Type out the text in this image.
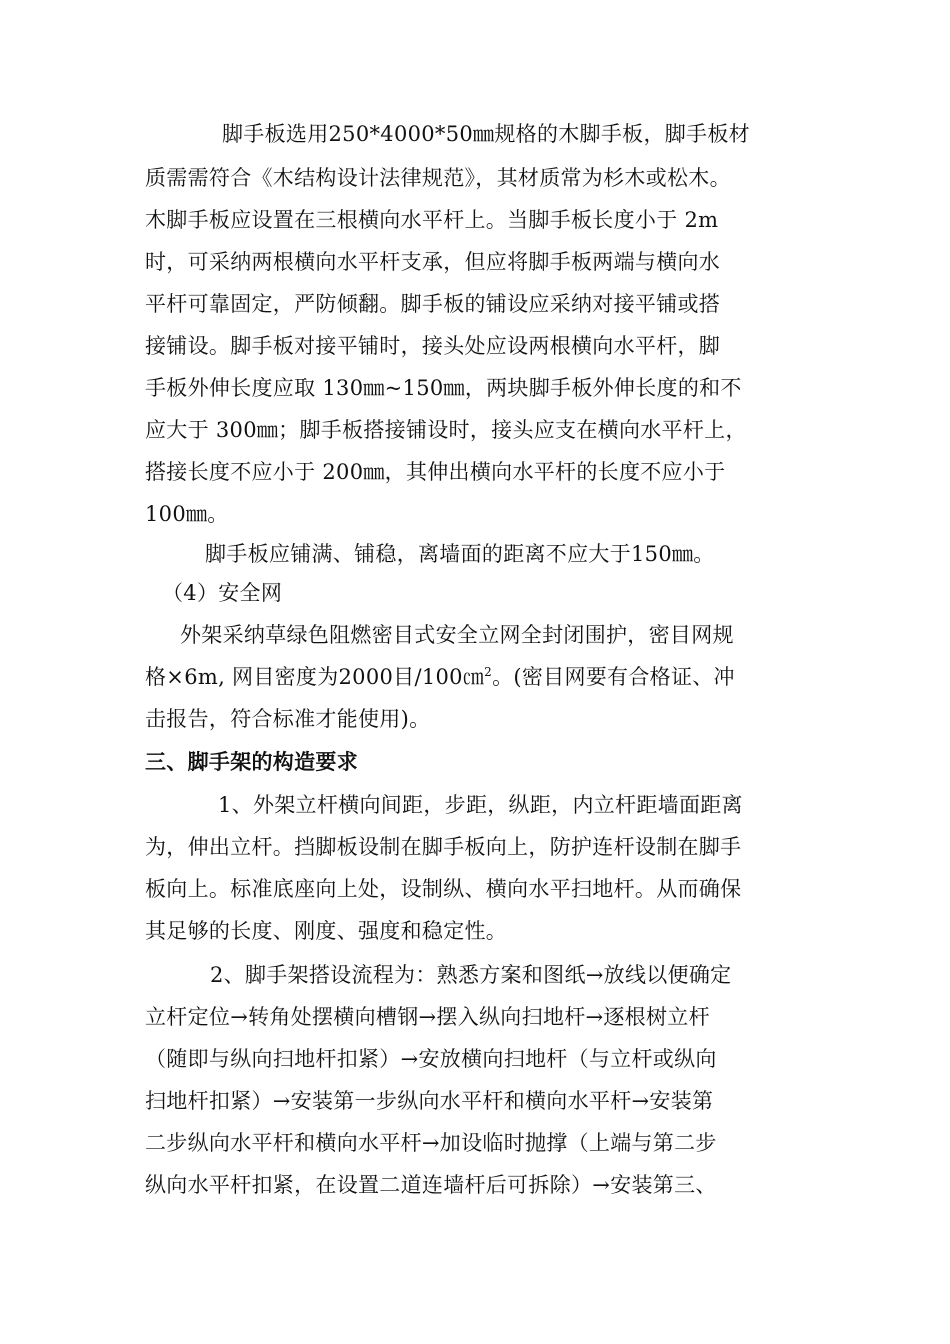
脚手板选用250*4000*50㎜规格的木脚手板，脚手板材
质需需符合《木结构设计法律规范》，其材质常为杉木或松木。
木脚手板应设置在三根横向水平杆上。当脚手板长度小于 2m
时，可采纳两根横向水平杆支承，但应将脚手板两端与横向水
平杆可靠固定，严防倾翻。脚手板的铺设应采纳对接平铺或搭
接铺设。脚手板对接平铺时，接头处应设两根横向水平杆，脚
手板外伸长度应取 130㎜~150㎜，两块脚手板外伸长度的和不
应大于 300㎜；脚手板搭接铺设时，接头应支在横向水平杆上，
搭接长度不应小于 200㎜，其伸出横向水平杆的长度不应小于
100㎜。
脚手板应铺满、铺稳，离墙面的距离不应大于150㎜。
（4）安全网
外架采纳草绿色阻燃密目式安全立网全封闭围护，密目网规
格×6m, 网目密度为2000目/100㎝$^2$。(密目网要有合格证、冲
击报告，符合标准才能使用)。
三、脚手架的构造要求
1、外架立杆横向间距，步距，纵距，内立杆距墙面距离
为，伸出立杆。挡脚板设制在脚手板向上，防护连杆设制在脚手
板向上。标准底座向上处，设制纵、横向水平扫地杆。从而确保
其足够的长度、刚度、强度和稳定性。
2、脚手架搭设流程为：熟悉方案和图纸→放线以便确定
立杆定位→转角处摆横向槽钢→摆入纵向扫地杆→逐根树立杆
（随即与纵向扫地杆扣紧）→安放横向扫地杆（与立杆或纵向
扫地杆扣紧）→安装第一步纵向水平杆和横向水平杆→安装第
二步纵向水平杆和横向水平杆→加设临时抛撑（上端与第二步
纵向水平杆扣紧，在设置二道连墙杆后可拆除）→安装第三、
